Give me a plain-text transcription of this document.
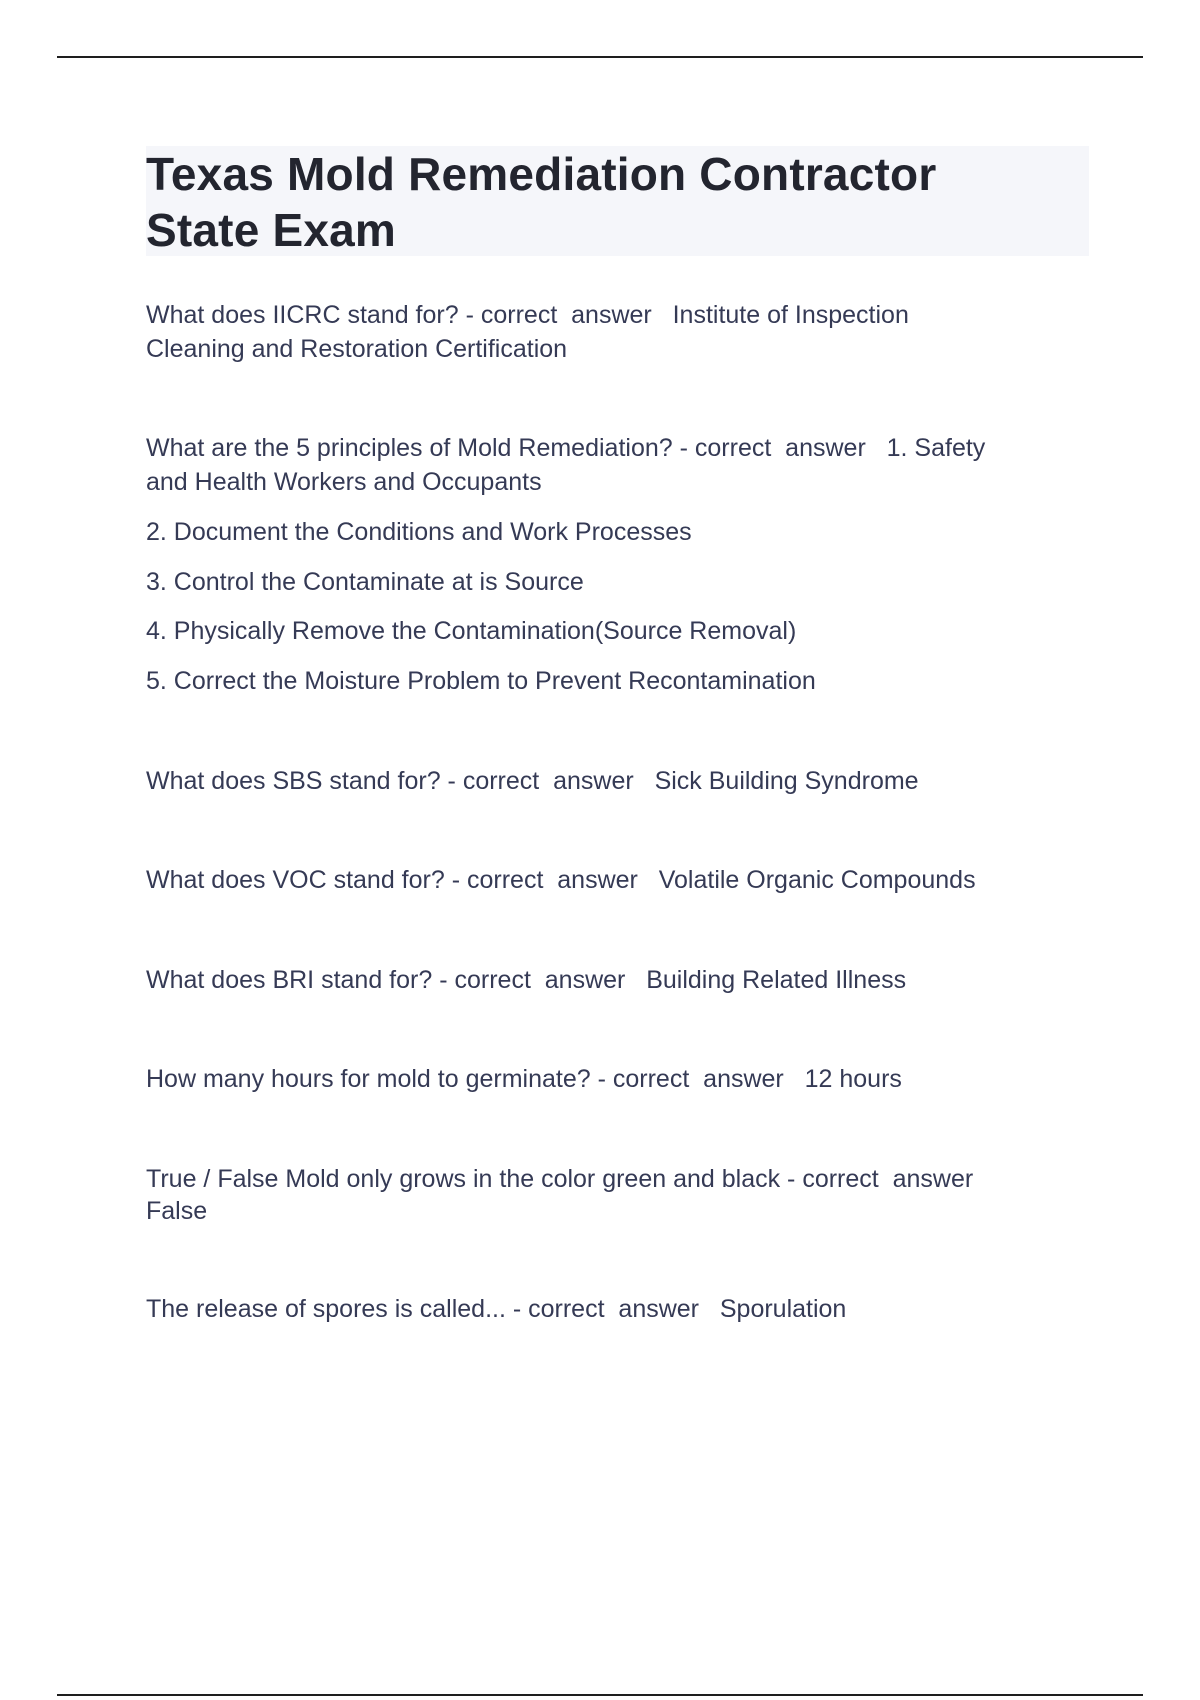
Texas Mold Remediation Contractor
State Exam

What does IICRC stand for? - correct  answer   Institute of Inspection

Cleaning and Restoration Certification

What are the 5 principles of Mold Remediation? - correct  answer   1. Safety

and Health Workers and Occupants

2. Document the Conditions and Work Processes

3. Control the Contaminate at is Source

4. Physically Remove the Contamination(Source Removal)

5. Correct the Moisture Problem to Prevent Recontamination

What does SBS stand for? - correct  answer   Sick Building Syndrome

What does VOC stand for? - correct  answer   Volatile Organic Compounds

What does BRI stand for? - correct  answer   Building Related Illness

How many hours for mold to germinate? - correct  answer   12 hours

True / False Mold only grows in the color green and black - correct  answer

False

The release of spores is called... - correct  answer   Sporulation
